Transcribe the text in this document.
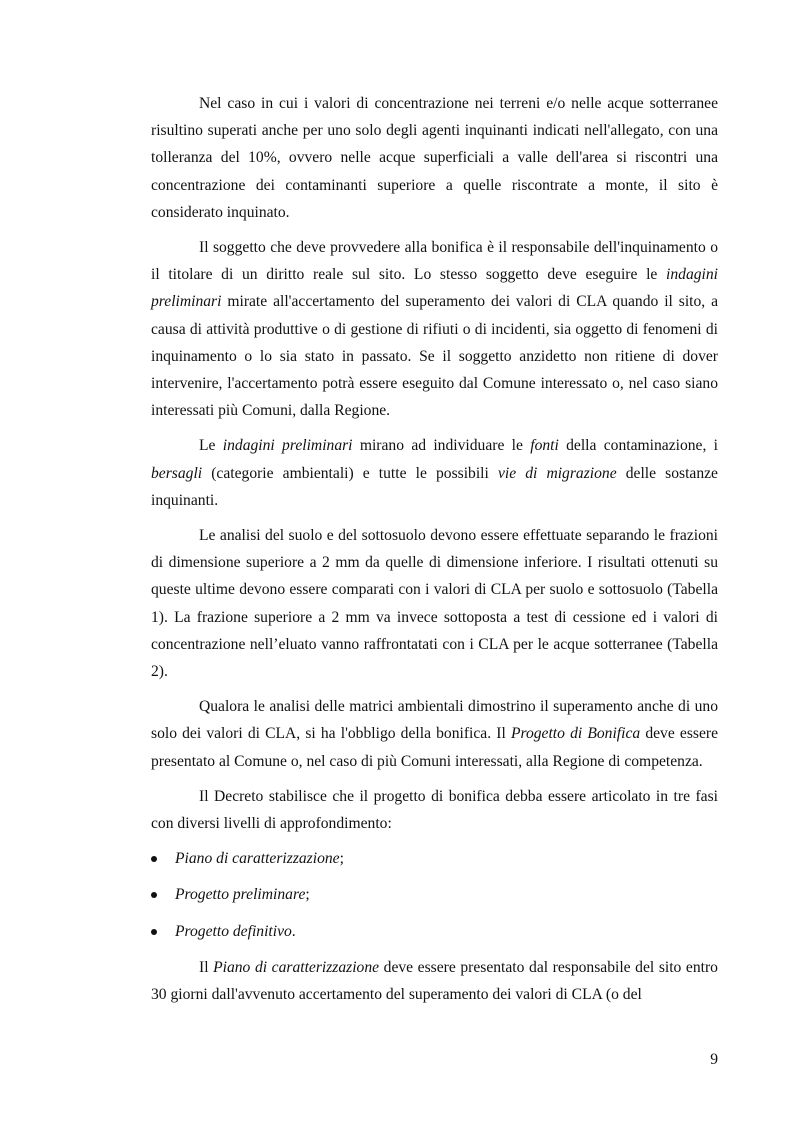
Nel caso in cui i valori di concentrazione nei terreni e/o nelle acque sotterranee risultino superati anche per uno solo degli agenti inquinanti indicati nell'allegato, con una tolleranza del 10%, ovvero nelle acque superficiali a valle dell'area si riscontri una concentrazione dei contaminanti superiore a quelle riscontrate a monte, il sito è considerato inquinato.

Il soggetto che deve provvedere alla bonifica è il responsabile dell'inquinamento o il titolare di un diritto reale sul sito. Lo stesso soggetto deve eseguire le indagini preliminari mirate all'accertamento del superamento dei valori di CLA quando il sito, a causa di attività produttive o di gestione di rifiuti o di incidenti, sia oggetto di fenomeni di inquinamento o lo sia stato in passato. Se il soggetto anzidetto non ritiene di dover intervenire, l'accertamento potrà essere eseguito dal Comune interessato o, nel caso siano interessati più Comuni, dalla Regione.

Le indagini preliminari mirano ad individuare le fonti della contaminazione, i bersagli (categorie ambientali) e tutte le possibili vie di migrazione delle sostanze inquinanti.

Le analisi del suolo e del sottosuolo devono essere effettuate separando le frazioni di dimensione superiore a 2 mm da quelle di dimensione inferiore. I risultati ottenuti su queste ultime devono essere comparati con i valori di CLA per suolo e sottosuolo (Tabella 1). La frazione superiore a 2 mm va invece sottoposta a test di cessione ed i valori di concentrazione nell’eluato vanno raffrontatati con i CLA per le acque sotterranee (Tabella 2).

Qualora le analisi delle matrici ambientali dimostrino il superamento anche di uno solo dei valori di CLA, si ha l'obbligo della bonifica. Il Progetto di Bonifica deve essere presentato al Comune o, nel caso di più Comuni interessati, alla Regione di competenza.

Il Decreto stabilisce che il progetto di bonifica debba essere articolato in tre fasi con diversi livelli di approfondimento:

Piano di caratterizzazione;
Progetto preliminare;
Progetto definitivo.

Il Piano di caratterizzazione deve essere presentato dal responsabile del sito entro 30 giorni dall'avvenuto accertamento del superamento dei valori di CLA (o del

9
